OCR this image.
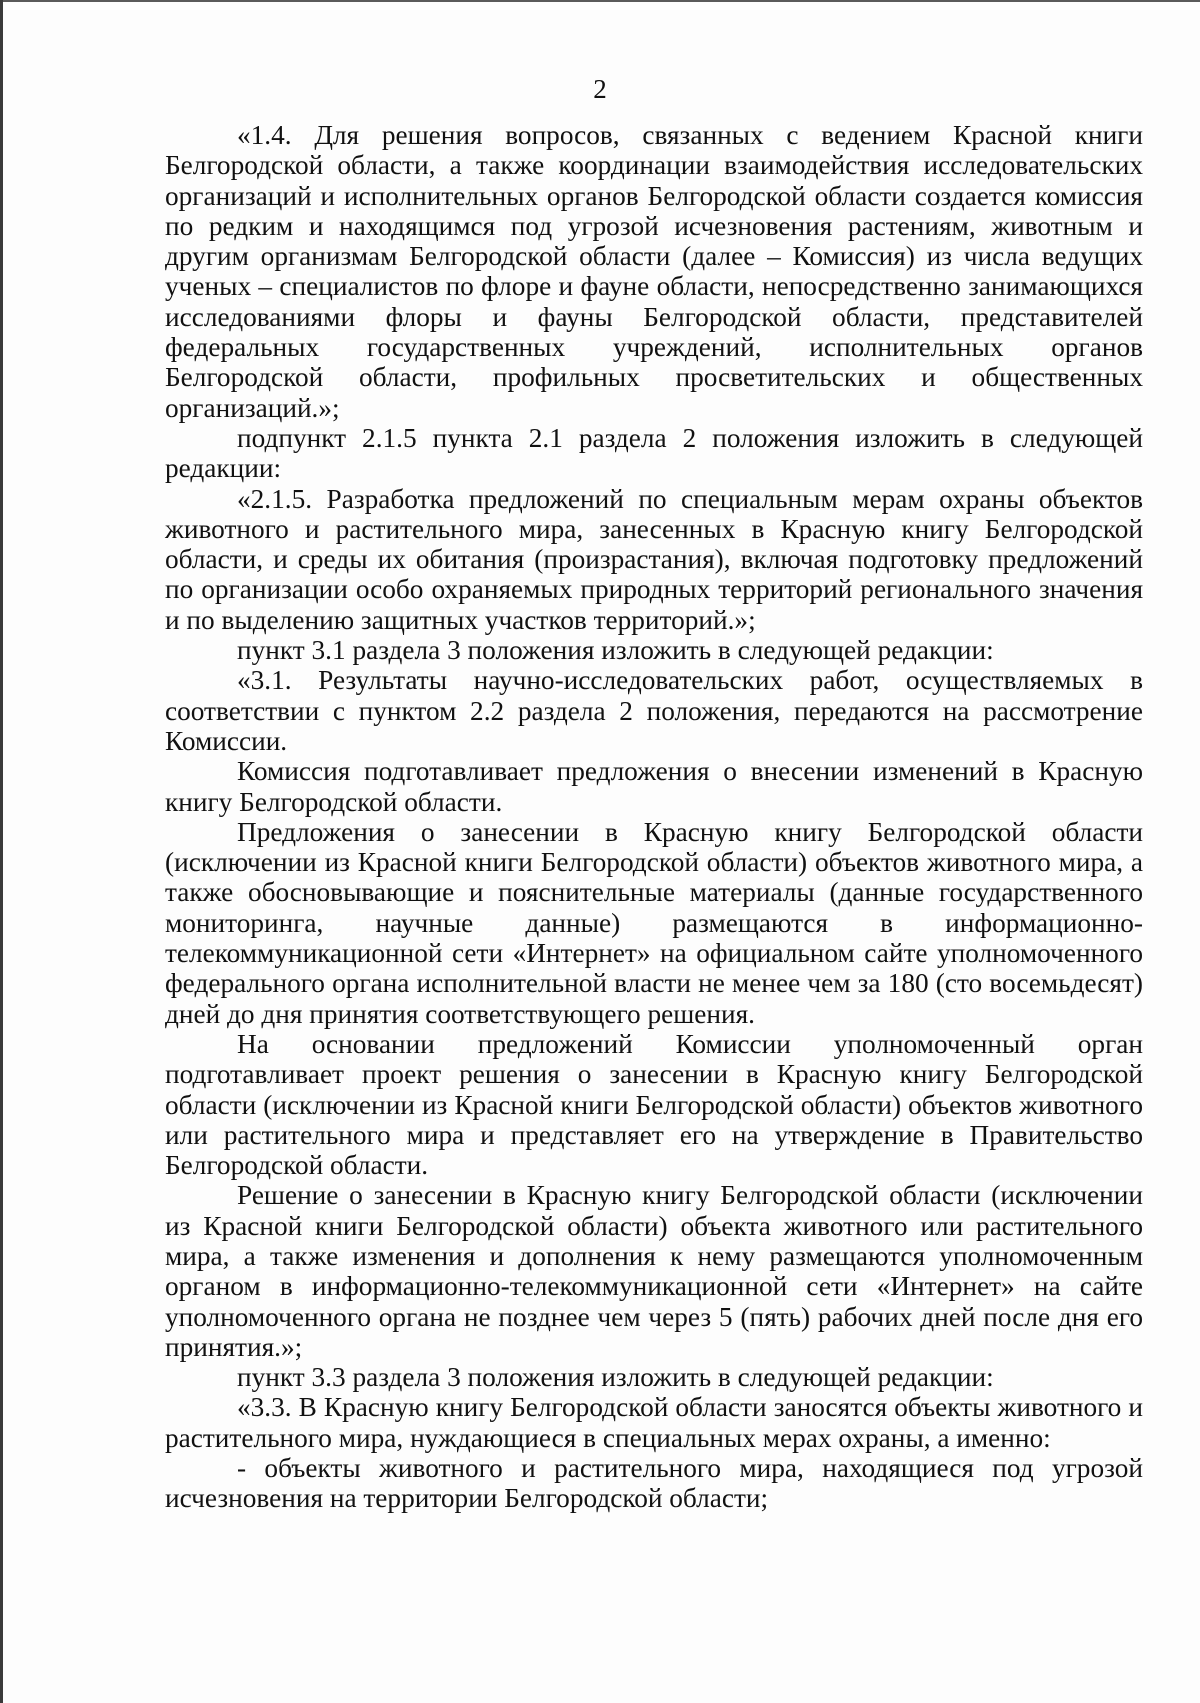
2

«1.4. Для решения вопросов, связанных с ведением Красной книги Белгородской области, а также координации взаимодействия исследовательских организаций и исполнительных органов Белгородской области создается комиссия по редким и находящимся под угрозой исчезновения растениям, животным и другим организмам Белгородской области (далее – Комиссия) из числа ведущих ученых – специалистов по флоре и фауне области, непосредственно занимающихся исследованиями флоры и фауны Белгородской области, представителей федеральных государственных учреждений, исполнительных органов Белгородской области, профильных просветительских и общественных организаций.»;

подпункт 2.1.5 пункта 2.1 раздела 2 положения изложить в следующей редакции:

«2.1.5. Разработка предложений по специальным мерам охраны объектов животного и растительного мира, занесенных в Красную книгу Белгородской области, и среды их обитания (произрастания), включая подготовку предложений по организации особо охраняемых природных территорий регионального значения и по выделению защитных участков территорий.»;

пункт 3.1 раздела 3 положения изложить в следующей редакции:

«3.1. Результаты научно-исследовательских работ, осуществляемых в соответствии с пунктом 2.2 раздела 2 положения, передаются на рассмотрение Комиссии.

Комиссия подготавливает предложения о внесении изменений в Красную книгу Белгородской области.

Предложения о занесении в Красную книгу Белгородской области (исключении из Красной книги Белгородской области) объектов животного мира, а также обосновывающие и пояснительные материалы (данные государственного мониторинга, научные данные) размещаются в информационно-телекоммуникационной сети «Интернет» на официальном сайте уполномоченного федерального органа исполнительной власти не менее чем за 180 (сто восемьдесят) дней до дня принятия соответствующего решения.

На основании предложений Комиссии уполномоченный орган подготавливает проект решения о занесении в Красную книгу Белгородской области (исключении из Красной книги Белгородской области) объектов животного или растительного мира и представляет его на утверждение в Правительство Белгородской области.

Решение о занесении в Красную книгу Белгородской области (исключении из Красной книги Белгородской области) объекта животного или растительного мира, а также изменения и дополнения к нему размещаются уполномоченным органом в информационно-телекоммуникационной сети «Интернет» на сайте уполномоченного органа не позднее чем через 5 (пять) рабочих дней после дня его принятия.»;

пункт 3.3 раздела 3 положения изложить в следующей редакции:

«3.3. В Красную книгу Белгородской области заносятся объекты животного и растительного мира, нуждающиеся в специальных мерах охраны, а именно:

- объекты животного и растительного мира, находящиеся под угрозой исчезновения на территории Белгородской области;
